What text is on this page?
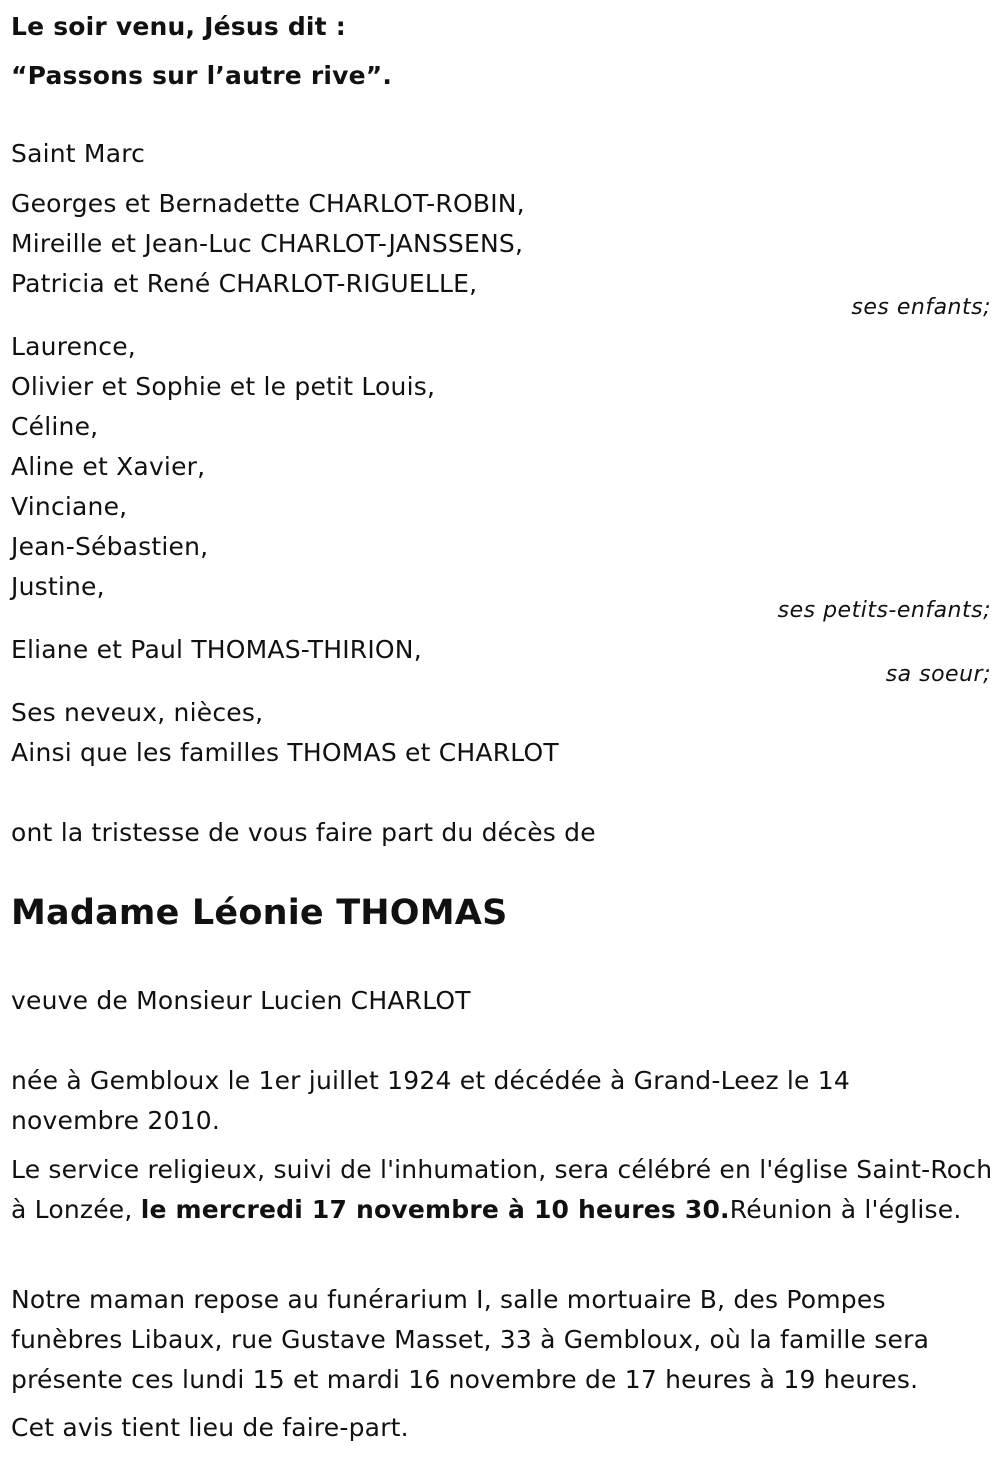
Le soir venu, Jésus dit :
“Passons sur l’autre rive”.
Saint Marc
Georges et Bernadette CHARLOT-ROBIN,
Mireille et Jean-Luc CHARLOT-JANSSENS,
Patricia et René CHARLOT-RIGUELLE,
ses enfants;
Laurence,
Olivier et Sophie et le petit Louis,
Céline,
Aline et Xavier,
Vinciane,
Jean-Sébastien,
Justine,
ses petits-enfants;
Eliane et Paul THOMAS-THIRION,
sa soeur;
Ses neveux, nièces,
Ainsi que les familles THOMAS et CHARLOT
ont la tristesse de vous faire part du décès de
Madame Léonie THOMAS
veuve de Monsieur Lucien CHARLOT
née à Gembloux le 1er juillet 1924 et décédée à Grand-Leez le 14 novembre 2010.
Le service religieux, suivi de l'inhumation, sera célébré en l'église Saint-Roch à Lonzée, le mercredi 17 novembre à 10 heures 30.Réunion à l'église.
Notre maman repose au funérarium I, salle mortuaire B, des Pompes funèbres Libaux, rue Gustave Masset, 33 à Gembloux, où la famille sera présente ces lundi 15 et mardi 16 novembre de 17 heures à 19 heures.
Cet avis tient lieu de faire-part.
